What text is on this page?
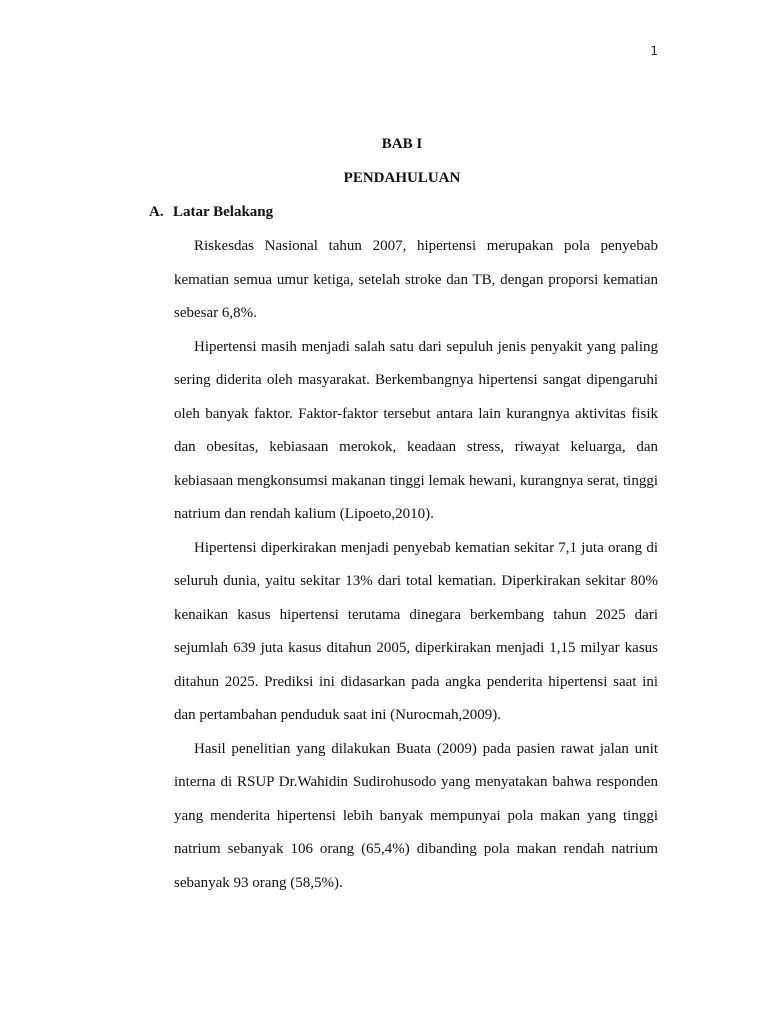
1
BAB I
PENDAHULUAN
A. Latar Belakang

Riskesdas Nasional tahun 2007, hipertensi merupakan pola penyebab kematian semua umur ketiga, setelah stroke dan TB, dengan proporsi kematian sebesar 6,8%.

Hipertensi masih menjadi salah satu dari sepuluh jenis penyakit yang paling sering diderita oleh masyarakat. Berkembangnya hipertensi sangat dipengaruhi oleh banyak faktor. Faktor-faktor tersebut antara lain kurangnya aktivitas fisik dan obesitas, kebiasaan merokok, keadaan stress, riwayat keluarga, dan kebiasaan mengkonsumsi makanan tinggi lemak hewani, kurangnya serat, tinggi natrium dan rendah kalium (Lipoeto,2010).

Hipertensi diperkirakan menjadi penyebab kematian sekitar 7,1 juta orang di seluruh dunia, yaitu sekitar 13% dari total kematian. Diperkirakan sekitar 80% kenaikan kasus hipertensi terutama dinegara berkembang tahun 2025 dari sejumlah 639 juta kasus ditahun 2005, diperkirakan menjadi 1,15 milyar kasus ditahun 2025. Prediksi ini didasarkan pada angka penderita hipertensi saat ini dan pertambahan penduduk saat ini (Nurocmah,2009).

Hasil penelitian yang dilakukan Buata (2009) pada pasien rawat jalan unit interna di RSUP Dr.Wahidin Sudirohusodo yang menyatakan bahwa responden yang menderita hipertensi lebih banyak mempunyai pola makan yang tinggi natrium sebanyak 106 orang (65,4%) dibanding pola makan rendah natrium sebanyak 93 orang (58,5%).
